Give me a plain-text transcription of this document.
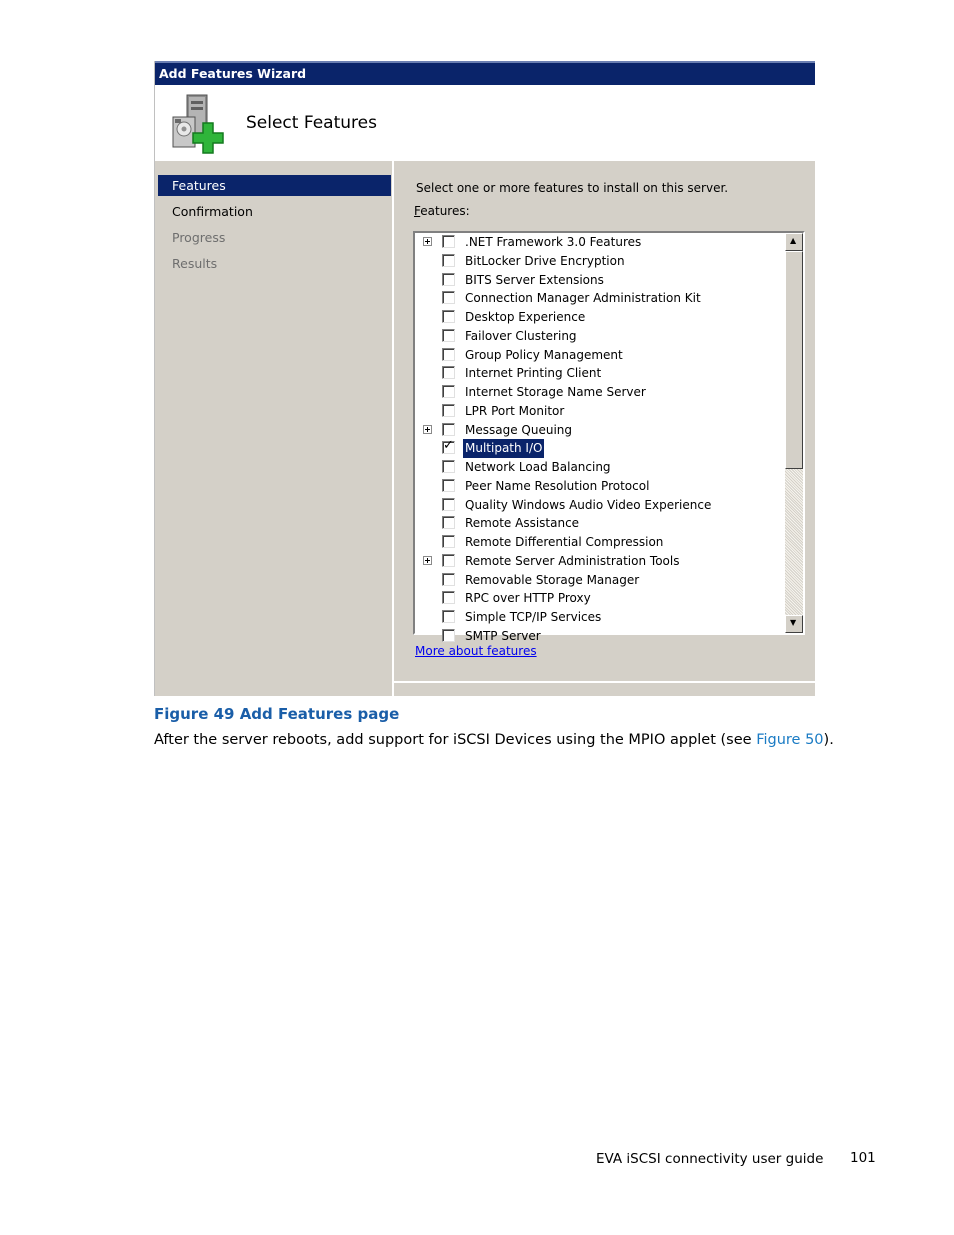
Add Features Wizard
Select Features
Features
Confirmation
Progress
Results
Select one or more features to install on this server.
Features:
.NET Framework 3.0 Features
BitLocker Drive Encryption
BITS Server Extensions
Connection Manager Administration Kit
Desktop Experience
Failover Clustering
Group Policy Management
Internet Printing Client
Internet Storage Name Server
LPR Port Monitor
Message Queuing
✓ Multipath I/O
Network Load Balancing
Peer Name Resolution Protocol
Quality Windows Audio Video Experience
Remote Assistance
Remote Differential Compression
Remote Server Administration Tools
Removable Storage Manager
RPC over HTTP Proxy
Simple TCP/IP Services
SMTP Server
▲
▼
More about features
Figure 49 Add Features page
After the server reboots, add support for iSCSI Devices using the MPIO applet (see Figure 50).
EVA iSCSI connectivity user guide 101
